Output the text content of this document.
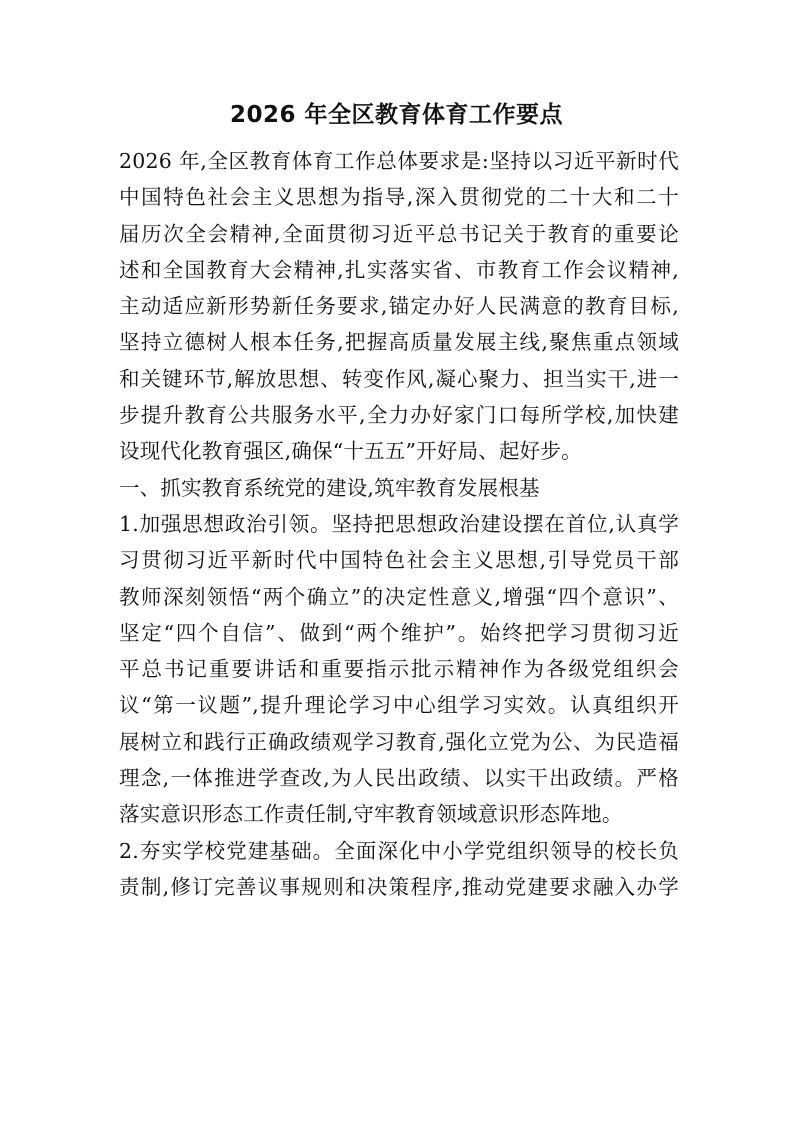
2026 年全区教育体育工作要点
2026 年,全区教育体育工作总体要求是:坚持以习近平新时代
中国特色社会主义思想为指导,深入贯彻党的二十大和二十
届历次全会精神,全面贯彻习近平总书记关于教育的重要论
述和全国教育大会精神,扎实落实省、市教育工作会议精神,
主动适应新形势新任务要求,锚定办好人民满意的教育目标,
坚持立德树人根本任务,把握高质量发展主线,聚焦重点领域
和关键环节,解放思想、转变作风,凝心聚力、担当实干,进一
步提升教育公共服务水平,全力办好家门口每所学校,加快建
设现代化教育强区,确保“十五五”开好局、起好步。
一、抓实教育系统党的建设,筑牢教育发展根基
1.加强思想政治引领。坚持把思想政治建设摆在首位,认真学
习贯彻习近平新时代中国特色社会主义思想,引导党员干部
教师深刻领悟“两个确立”的决定性意义,增强“四个意识”、
坚定“四个自信”、做到“两个维护”。始终把学习贯彻习近
平总书记重要讲话和重要指示批示精神作为各级党组织会
议“第一议题”,提升理论学习中心组学习实效。认真组织开
展树立和践行正确政绩观学习教育,强化立党为公、为民造福
理念,一体推进学查改,为人民出政绩、以实干出政绩。严格
落实意识形态工作责任制,守牢教育领域意识形态阵地。
2.夯实学校党建基础。全面深化中小学党组织领导的校长负
责制,修订完善议事规则和决策程序,推动党建要求融入办学
